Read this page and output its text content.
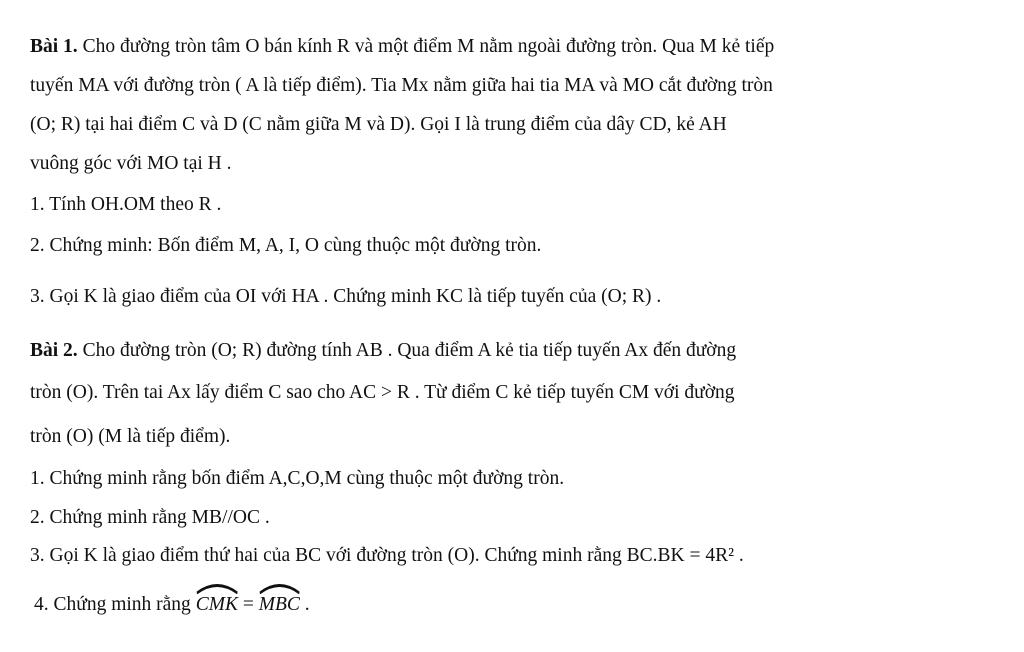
Bài 1. Cho đường tròn tâm O bán kính R và một điểm M nằm ngoài đường tròn. Qua M kẻ tiếp
tuyến MA với đường tròn ( A là tiếp điểm). Tia Mx nằm giữa hai tia MA và MO cắt đường tròn
(O; R) tại hai điểm C và D (C nằm giữa M và D). Gọi I là trung điểm của dây CD, kẻ AH
vuông góc với MO tại H .
1. Tính OH.OM theo R .
2. Chứng minh: Bốn điểm M, A, I, O cùng thuộc một đường tròn.
3. Gọi K là giao điểm của OI với HA . Chứng minh KC là tiếp tuyến của (O; R) .
Bài 2. Cho đường tròn (O; R) đường tính AB . Qua điểm A kẻ tia tiếp tuyến Ax đến đường
tròn (O). Trên tai Ax lấy điểm C sao cho AC > R . Từ điểm C kẻ tiếp tuyến CM với đường
tròn (O) (M là tiếp điểm).
1. Chứng minh rằng bốn điểm A,C,O,M cùng thuộc một đường tròn.
2. Chứng minh rằng MB//OC .
3. Gọi K là giao điểm thứ hai của BC với đường tròn (O). Chứng minh rằng BC.BK = 4R² .
4. Chứng minh rằng CMK = MBC .
